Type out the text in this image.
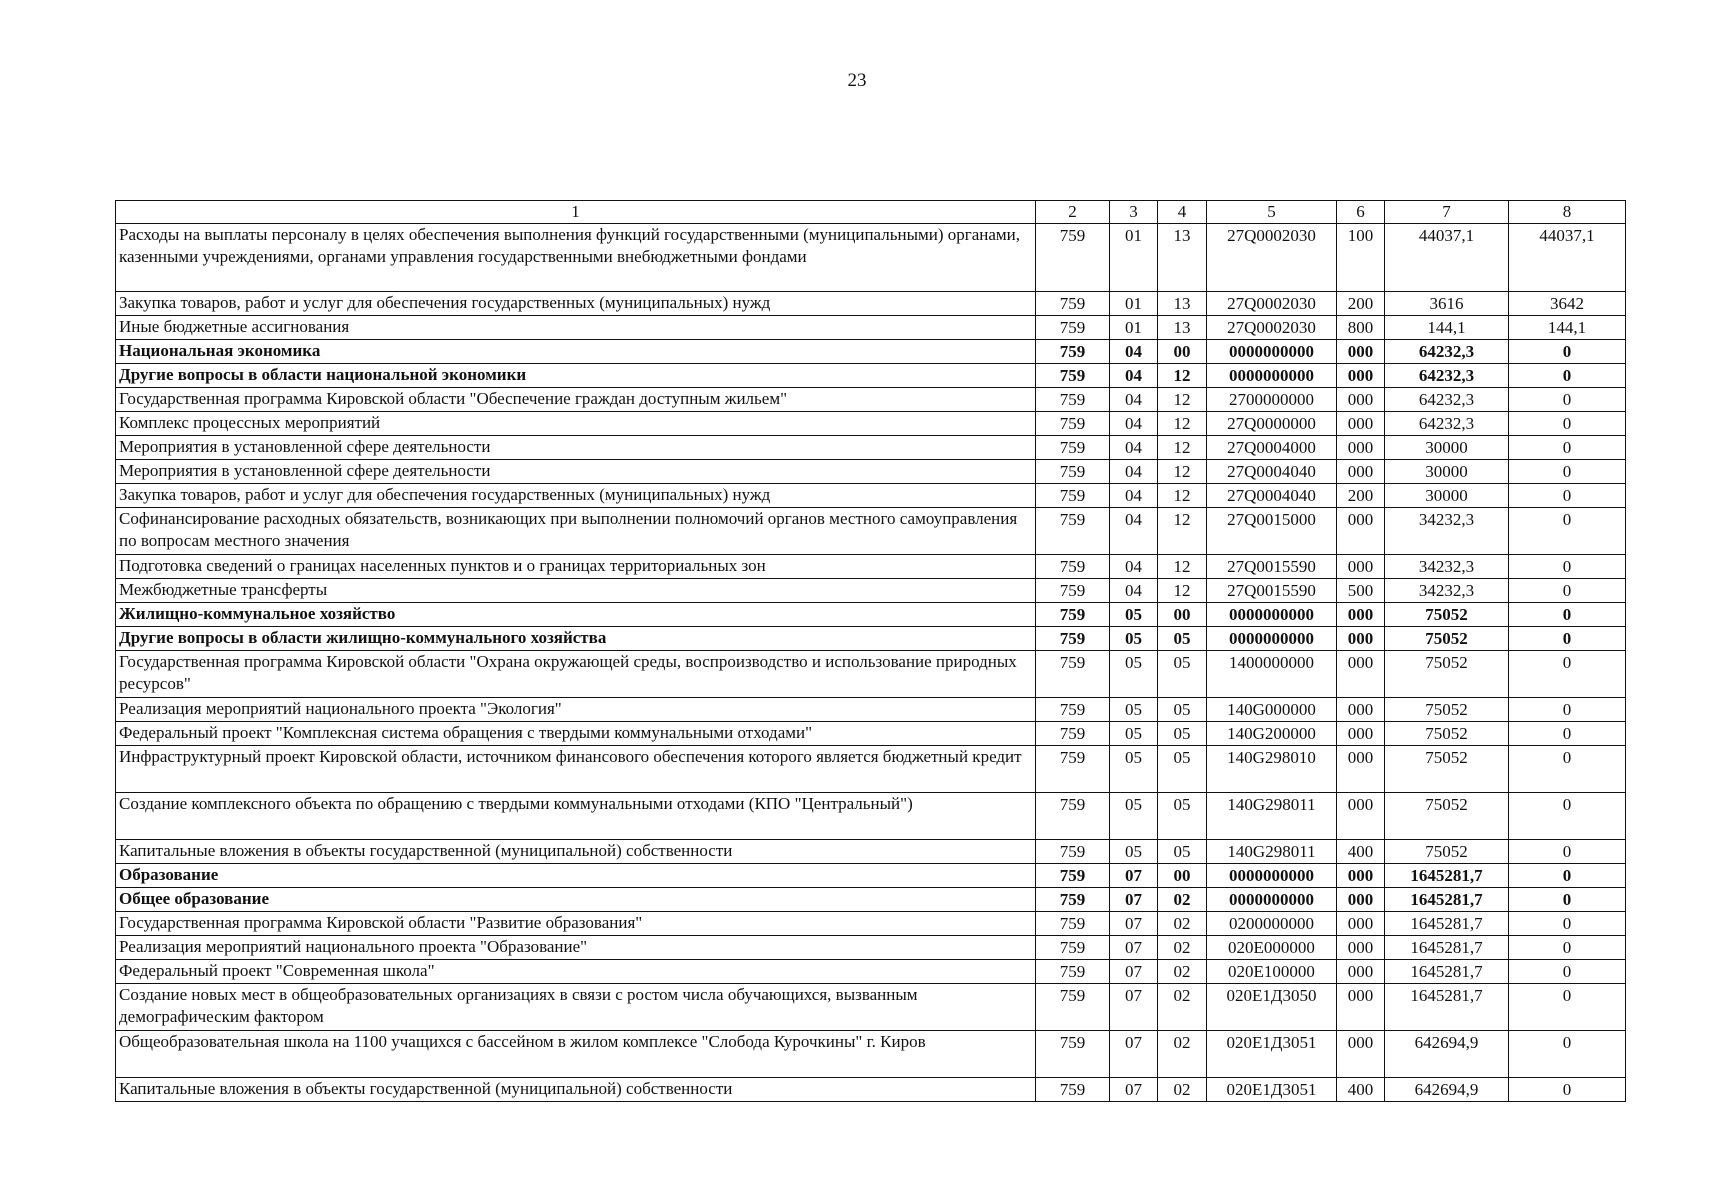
23
1	2	3	4	5	6	7	8
Расходы на выплаты персоналу в целях обеспечения выполнения функций государственными (муниципальными) органами, казенными учреждениями, органами управления государственными внебюджетными фондами	759	01	13	27Q0002030	100	44037,1	44037,1
Закупка товаров, работ и услуг для обеспечения государственных (муниципальных) нужд	759	01	13	27Q0002030	200	3616	3642
Иные бюджетные ассигнования	759	01	13	27Q0002030	800	144,1	144,1
Национальная экономика	759	04	00	0000000000	000	64232,3	0
Другие вопросы в области национальной экономики	759	04	12	0000000000	000	64232,3	0
Государственная программа Кировской области "Обеспечение граждан доступным жильем"	759	04	12	2700000000	000	64232,3	0
Комплекс процессных мероприятий	759	04	12	27Q0000000	000	64232,3	0
Мероприятия в установленной сфере деятельности	759	04	12	27Q0004000	000	30000	0
Мероприятия в установленной сфере деятельности	759	04	12	27Q0004040	000	30000	0
Закупка товаров, работ и услуг для обеспечения государственных (муниципальных) нужд	759	04	12	27Q0004040	200	30000	0
Софинансирование расходных обязательств, возникающих при выполнении полномочий органов местного самоуправления по вопросам местного значения	759	04	12	27Q0015000	000	34232,3	0
Подготовка сведений о границах населенных пунктов и о границах территориальных зон	759	04	12	27Q0015590	000	34232,3	0
Межбюджетные трансферты	759	04	12	27Q0015590	500	34232,3	0
Жилищно-коммунальное хозяйство	759	05	00	0000000000	000	75052	0
Другие вопросы в области жилищно-коммунального хозяйства	759	05	05	0000000000	000	75052	0
Государственная программа Кировской области "Охрана окружающей среды, воспроизводство и использование природных ресурсов"	759	05	05	1400000000	000	75052	0
Реализация мероприятий национального проекта "Экология"	759	05	05	140G000000	000	75052	0
Федеральный проект "Комплексная система обращения с твердыми коммунальными отходами"	759	05	05	140G200000	000	75052	0
Инфраструктурный проект Кировской области, источником финансового обеспечения которого является бюджетный кредит	759	05	05	140G298010	000	75052	0
Создание комплексного объекта по обращению с твердыми коммунальными отходами (КПО "Центральный")	759	05	05	140G298011	000	75052	0
Капитальные вложения в объекты государственной (муниципальной) собственности	759	05	05	140G298011	400	75052	0
Образование	759	07	00	0000000000	000	1645281,7	0
Общее образование	759	07	02	0000000000	000	1645281,7	0
Государственная программа Кировской области "Развитие образования"	759	07	02	0200000000	000	1645281,7	0
Реализация мероприятий национального проекта "Образование"	759	07	02	020E000000	000	1645281,7	0
Федеральный проект "Современная школа"	759	07	02	020E100000	000	1645281,7	0
Создание новых мест в общеобразовательных организациях в связи с ростом числа обучающихся, вызванным демографическим фактором	759	07	02	020E1Д3050	000	1645281,7	0
Общеобразовательная школа на 1100 учащихся с бассейном в жилом комплексе "Слобода Курочкины" г. Киров	759	07	02	020E1Д3051	000	642694,9	0
Капитальные вложения в объекты государственной (муниципальной) собственности	759	07	02	020E1Д3051	400	642694,9	0
